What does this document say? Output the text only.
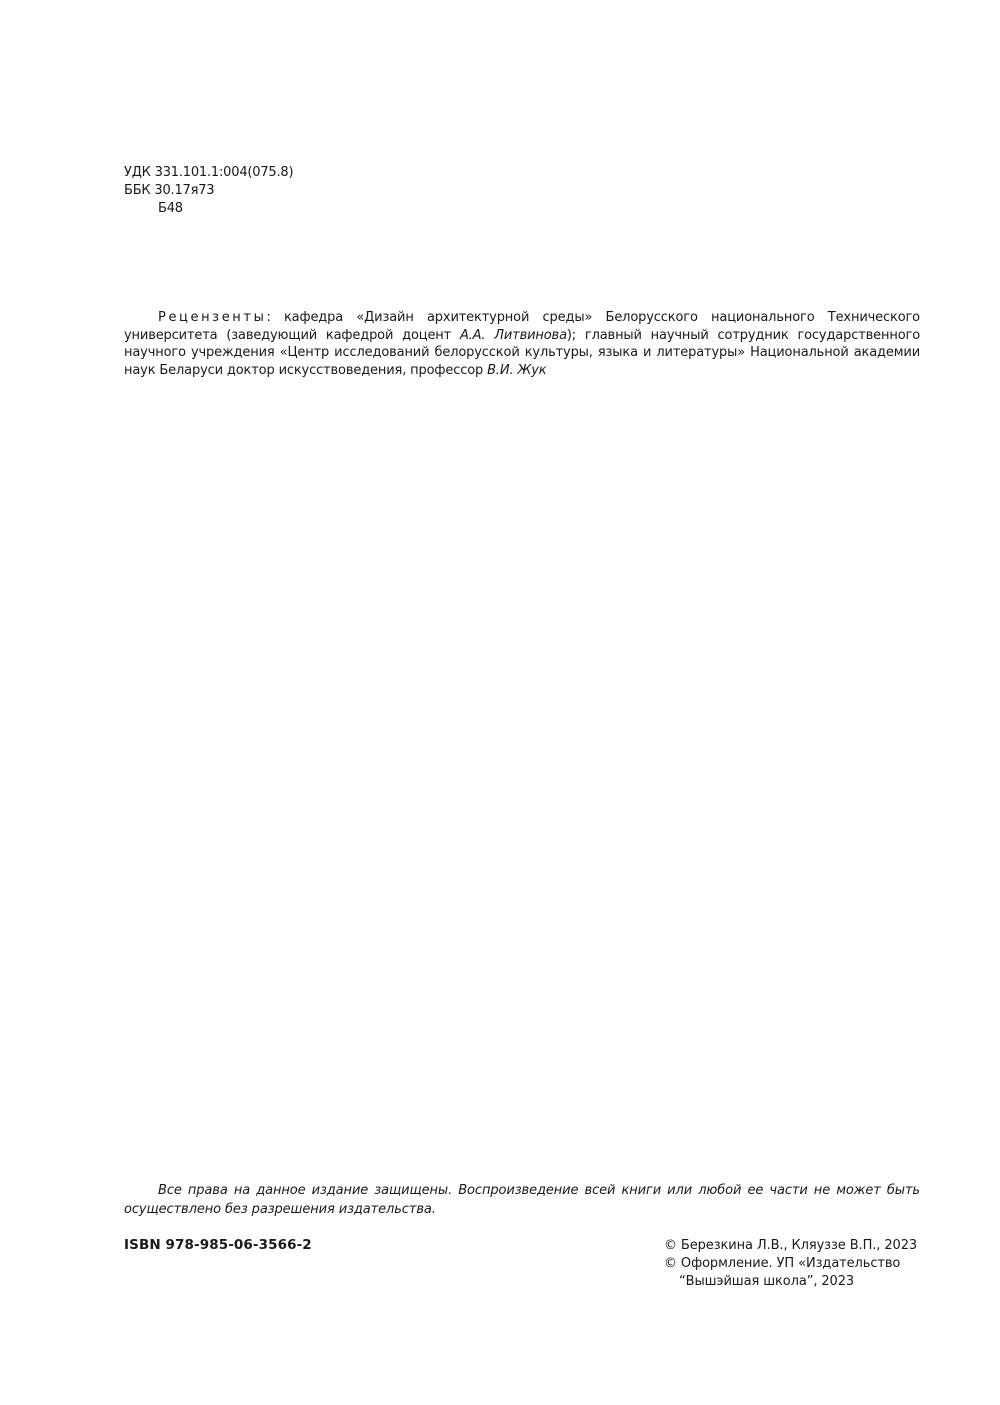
УДК 331.101.1:004(075.8)
ББК 30.17я73
Б48
Рецензенты: кафедра «Дизайн архитектурной среды» Белорусского национального Технического университета (заведующий кафедрой доцент А.А. Литвинова); главный научный сотрудник государственного научного учреждения «Центр исследований белорусской культуры, языка и литературы» Национальной академии наук Беларуси доктор искусствоведения, профессор В.И. Жук
Все права на данное издание защищены. Воспроизведение всей книги или любой ее части не может быть осуществлено без разрешения издательства.
ISBN 978-985-06-3566-2	© Березкина Л.В., Кляуззе В.П., 2023
© Оформление. УП «Издательство
“Вышэйшая школа”, 2023
